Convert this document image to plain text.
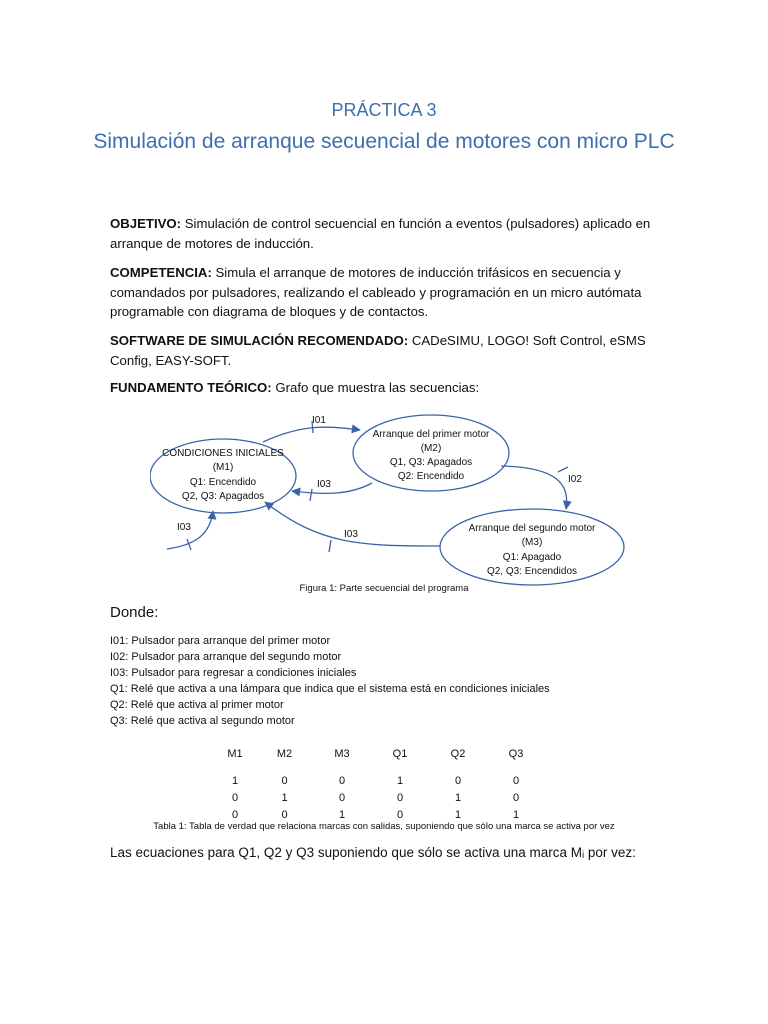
PRÁCTICA 3
Simulación de arranque secuencial de motores con micro PLC
OBJETIVO: Simulación de control secuencial en función a eventos (pulsadores) aplicado en arranque de motores de inducción.
COMPETENCIA: Simula el arranque de motores de inducción trifásicos en secuencia y comandados por pulsadores, realizando el cableado y programación en un micro autómata programable con diagrama de bloques y de contactos.
SOFTWARE DE SIMULACIÓN RECOMENDADO: CADeSIMU, LOGO! Soft Control, eSMS Config, EASY-SOFT.
FUNDAMENTO TEÓRICO: Grafo que muestra las secuencias:
CONDICIONES INICIALES
(M1)
Q1: Encendido
Q2, Q3: Apagados
Arranque del primer motor
(M2)
Q1, Q3: Apagados
Q2: Encendido
Arranque del segundo motor
(M3)
Q1: Apagado
Q2, Q3: Encendidos
I01
I03	I02
I03
I03
Figura 1: Parte secuencial del programa
Donde:
I01: Pulsador para arranque del primer motor
I02: Pulsador para arranque del segundo motor
I03: Pulsador para regresar a condiciones iniciales
Q1: Relé que activa a una lámpara que indica que el sistema está en condiciones iniciales
Q2: Relé que activa al primer motor
Q3: Relé que activa al segundo motor
M1	M2	M3	Q1	Q2	Q3
1	0	0	1	0	0
0	1	0	0	1	0
0	0	1	0	1	1
Tabla 1: Tabla de verdad que relaciona marcas con salidas, suponiendo que sólo una marca se activa por vez
Las ecuaciones para Q1, Q2 y Q3 suponiendo que sólo se activa una marca Mᵢ por vez:
